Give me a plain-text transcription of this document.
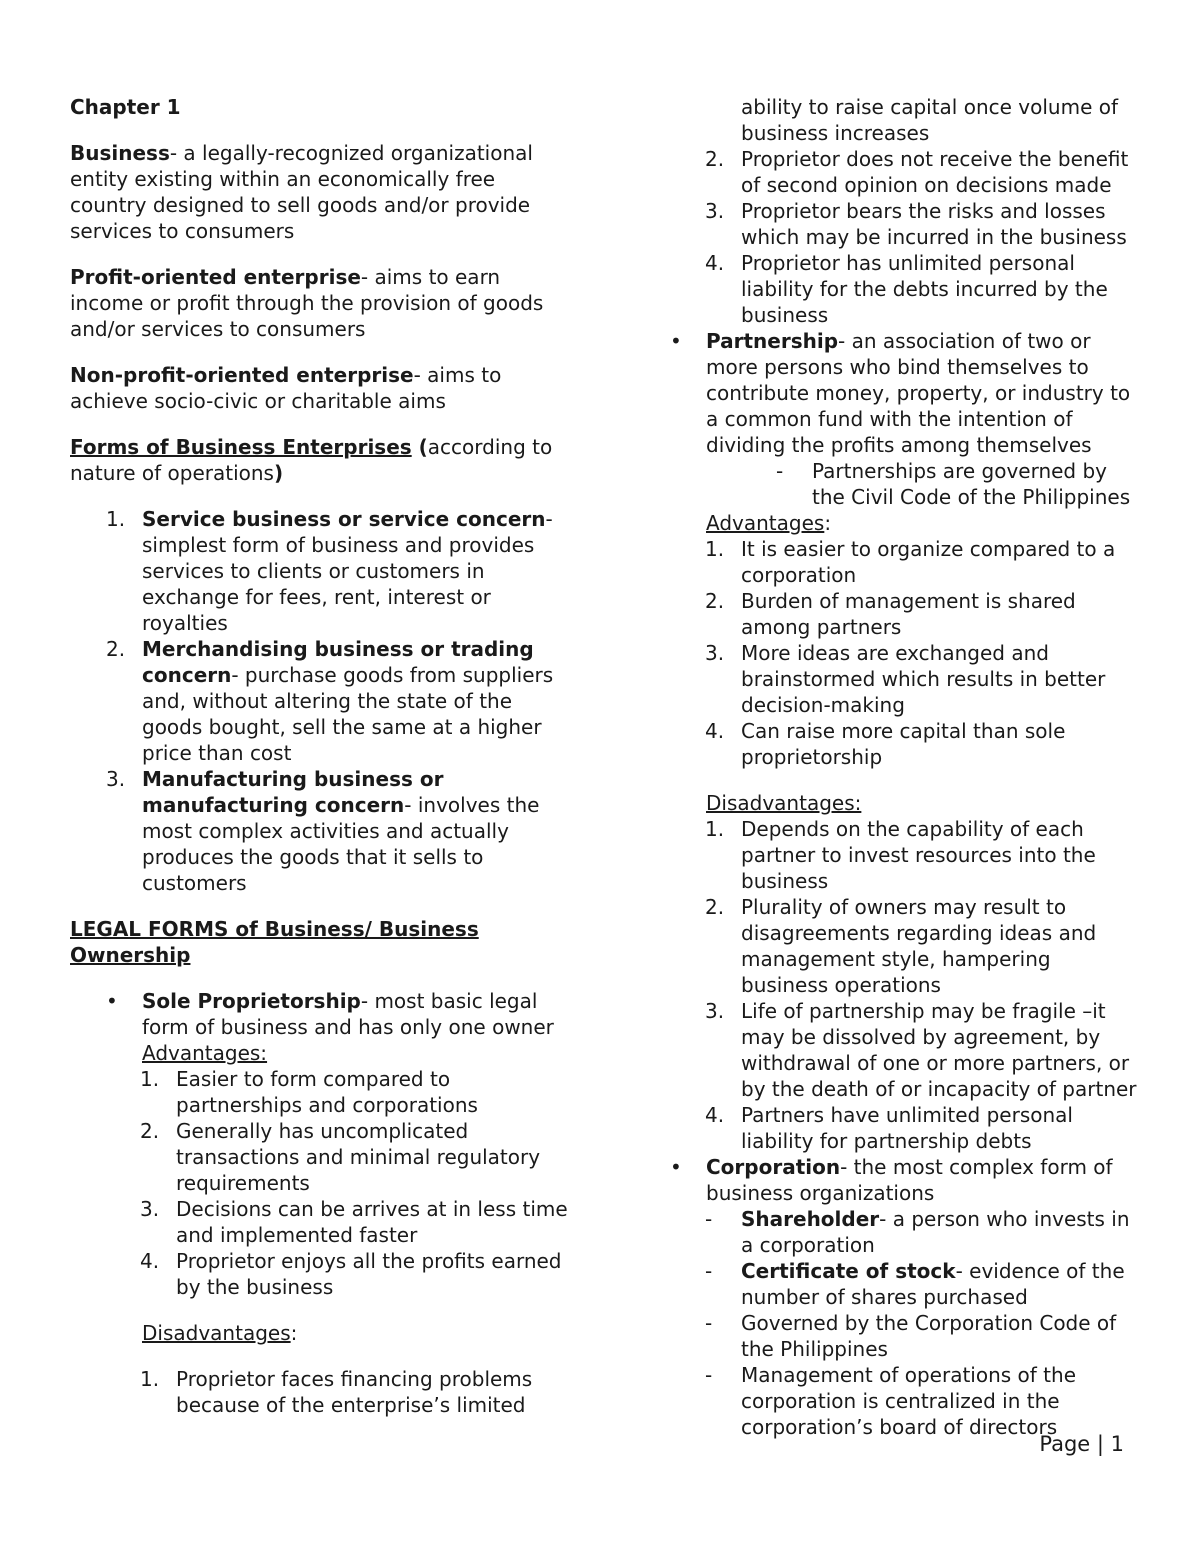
Chapter 1

Business- a legally-recognized organizational entity existing within an economically free country designed to sell goods and/or provide services to consumers

Profit-oriented enterprise- aims to earn income or profit through the provision of goods and/or services to consumers

Non-profit-oriented enterprise- aims to achieve socio-civic or charitable aims

Forms of Business Enterprises (according to nature of operations)

1. Service business or service concern- simplest form of business and provides services to clients or customers in exchange for fees, rent, interest or royalties
2. Merchandising business or trading concern- purchase goods from suppliers and, without altering the state of the goods bought, sell the same at a higher price than cost
3. Manufacturing business or manufacturing concern- involves the most complex activities and actually produces the goods that it sells to customers

LEGAL FORMS of Business/ Business Ownership

•	Sole Proprietorship- most basic legal form of business and has only one owner

Advantages:

1. Easier to form compared to partnerships and corporations
2. Generally has uncomplicated transactions and minimal regulatory requirements
3. Decisions can be arrives at in less time and implemented faster
4. Proprietor enjoys all the profits earned by the business

Disadvantages:

1. Proprietor faces financing problems because of the enterprise’s limited

ability to raise capital once volume of business increases

2. Proprietor does not receive the benefit of second opinion on decisions made
3. Proprietor bears the risks and losses which may be incurred in the business
4. Proprietor has unlimited personal liability for the debts incurred by the business
•	Partnership- an association of two or more persons who bind themselves to contribute money, property, or industry to a common fund with the intention of dividing the profits among themselves
- Partnerships are governed by the Civil Code of the Philippines

Advantages:

1. It is easier to organize compared to a corporation
2. Burden of management is shared among partners
3. More ideas are exchanged and brainstormed which results in better decision-making
4. Can raise more capital than sole proprietorship

Disadvantages:

1. Depends on the capability of each partner to invest resources into the business
2. Plurality of owners may result to disagreements regarding ideas and management style, hampering business operations
3. Life of partnership may be fragile –it may be dissolved by agreement, by withdrawal of one or more partners, or by the death of or incapacity of partner
4. Partners have unlimited personal liability for partnership debts
•	Corporation- the most complex form of business organizations
- Shareholder- a person who invests in a corporation
- Certificate of stock- evidence of the number of shares purchased
- Governed by the Corporation Code of the Philippines
- Management of operations of the corporation is centralized in the corporation’s board of directors
Page | 1
